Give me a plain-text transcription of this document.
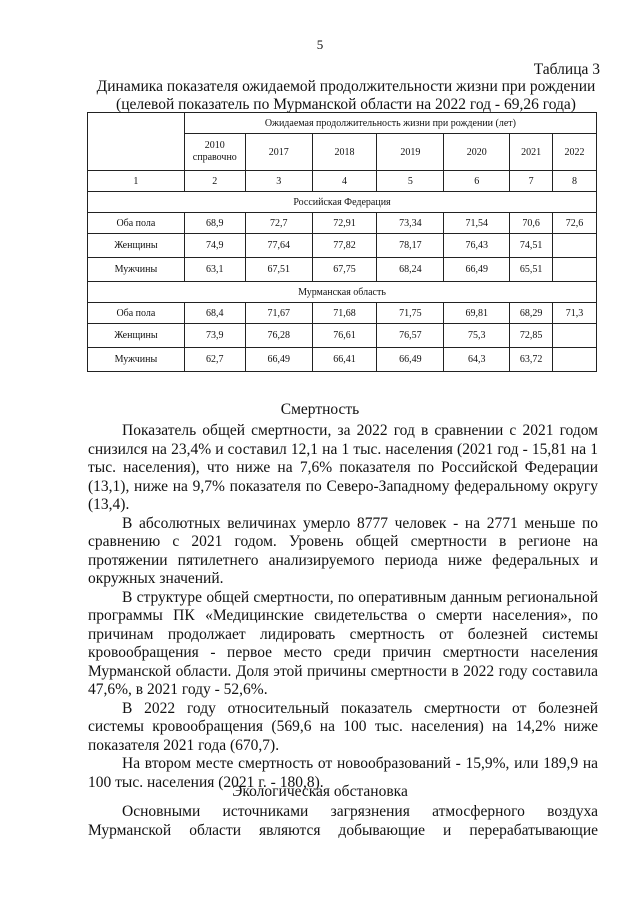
5
Таблица 3
Динамика показателя ожидаемой продолжительности жизни при рождении
(целевой показатель по Мурманской области на 2022 год - 69,26 года)
	Ожидаемая продолжительность жизни при рождении (лет)						
	2010 справочно	2017	2018	2019	2020	2021	2022
1	2	3	4	5	6	7	8
Российская Федерация							
Оба пола	68,9	72,7	72,91	73,34	71,54	70,6	72,6
Женщины	74,9	77,64	77,82	78,17	76,43	74,51	
Мужчины	63,1	67,51	67,75	68,24	66,49	65,51	
Мурманская область							
Оба пола	68,4	71,67	71,68	71,75	69,81	68,29	71,3
Женщины	73,9	76,28	76,61	76,57	75,3	72,85	
Мужчины	62,7	66,49	66,41	66,49	64,3	63,72	
Смертность

Показатель общей смертности, за 2022 год в сравнении с 2021 годом снизился на 23,4% и составил 12,1 на 1 тыс. населения (2021 год - 15,81 на 1 тыс. населения), что ниже на 7,6% показателя по Российской Федерации (13,1), ниже на 9,7% показателя по Северо-Западному федеральному округу (13,4).

В абсолютных величинах умерло 8777 человек - на 2771 меньше по сравнению с 2021 годом. Уровень общей смертности в регионе на протяжении пятилетнего анализируемого периода ниже федеральных и окружных значений.

В структуре общей смертности, по оперативным данным региональной программы ПК «Медицинские свидетельства о смерти населения», по причинам продолжает лидировать смертность от болезней системы кровообращения - первое место среди причин смертности населения Мурманской области. Доля этой причины смертности в 2022 году составила 47,6%, в 2021 году - 52,6%.

В 2022 году относительный показатель смертности от болезней системы кровообращения (569,6 на 100 тыс. населения) на 14,2% ниже показателя 2021 года (670,7).

На втором месте смертность от новообразований - 15,9%, или 189,9 на 100 тыс. населения (2021 г. - 180,8).

Экологическая обстановка

Основными источниками загрязнения атмосферного воздуха Мурманской области являются добывающие и перерабатывающие
